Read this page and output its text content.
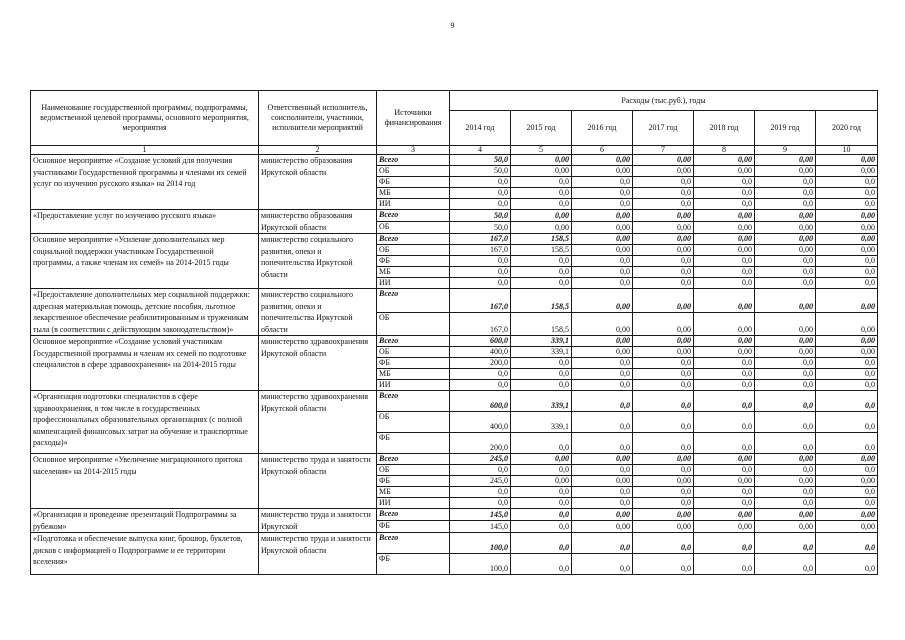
9
Наименование государственной программы, подпрограммы, ведомственной целевой программы, основного мероприятия, мероприятия	Ответственный исполнитель, соисполнители, участники, исполнители мероприятий	Источники финансирования	Расходы (тыс.руб.), годы						
			2014 год	2015 год	2016 год	2017 год	2018 год	2019 год	2020 год
1	2	3	4	5	6	7	8	9	10
Основное мероприятие «Создание условий для получения участниками Государственной программы и членами их семей услуг по изучению русского языка» на 2014 год	министерство образования Иркутской области	Всего	50,0	0,00	0,00	0,00	0,00	0,00	0,00
		ОБ	50,0	0,00	0,00	0,00	0,00	0,00	0,00
		ФБ	0,0	0,0	0,0	0,0	0,0	0,0	0,0
		МБ	0,0	0,0	0,0	0,0	0,0	0,0	0,0
		ИИ	0,0	0,0	0,0	0,0	0,0	0,0	0,0
«Предоставление услуг по изучению русского языка»	министерство образования Иркутской области	Всего	50,0	0,00	0,00	0,00	0,00	0,00	0,00
		ОБ	50,0	0,00	0,00	0,00	0,00	0,00	0,00
Основное мероприятие «Усиление дополнительных мер социальной поддержки участникам Государственной программы, а также членам их семей» на 2014-2015 годы	министерство социального развития, опеки и попечительства Иркутской области	Всего	167,0	158,5	0,00	0,00	0,00	0,00	0,00
		ОБ	167,0	158,5	0,00	0,00	0,00	0,00	0,00
		ФБ	0,0	0,0	0,0	0,0	0,0	0,0	0,0
		МБ	0,0	0,0	0,0	0,0	0,0	0,0	0,0
		ИИ	0,0	0,0	0,0	0,0	0,0	0,0	0,0
«Предоставление дополнительных мер социальной поддержки: адресная материальная помощь, детские пособия, льготное лекарственное обеспечение реабилитированным и труженикам тыла (в соответствии с действующим законодательством)»	министерство социального развития, опеки и попечительства Иркутской области	Всего	167,0	158,5	0,00	0,00	0,00	0,00	0,00
		ОБ	167,0	158,5	0,00	0,00	0,00	0,00	0,00
Основное мероприятие «Создание условий участникам Государственной программы и членам их семей по подготовке специалистов в сфере здравоохранения» на 2014-2015 годы	министерство здравоохранения Иркутской области	Всего	600,0	339,1	0,00	0,00	0,00	0,00	0,00
		ОБ	400,0	339,1	0,00	0,00	0,00	0,00	0,00
		ФБ	200,0	0,0	0,0	0,0	0,0	0,0	0,0
		МБ	0,0	0,0	0,0	0,0	0,0	0,0	0,0
		ИИ	0,0	0,0	0,0	0,0	0,0	0,0	0,0
«Организация подготовки специалистов в сфере здравоохранения, в том числе в государственных профессиональных образовательных организациях (с полной компенсацией финансовых затрат на обучение и транспортные расходы)»	министерство здравоохранения Иркутской области	Всего	600,0	339,1	0,0	0,0	0,0	0,0	0,0
		ОБ	400,0	339,1	0,0	0,0	0,0	0,0	0,0
		ФБ	200,0	0,0	0,0	0,0	0,0	0,0	0,0
Основное мероприятие «Увеличение миграционного притока населения» на 2014-2015 годы	министерство труда и занятости Иркутской области	Всего	245,0	0,00	0,00	0,00	0,00	0,00	0,00
		ОБ	0,0	0,0	0,0	0,0	0,0	0,0	0,0
		ФБ	245,0	0,00	0,00	0,00	0,00	0,00	0,00
		МБ	0,0	0,0	0,0	0,0	0,0	0,0	0,0
		ИИ	0,0	0,0	0,0	0,0	0,0	0,0	0,0
«Организация и проведение презентаций Подпрограммы за рубежом»	министерство труда и занятости Иркутской	Всего	145,0	0,0	0,00	0,00	0,00	0,00	0,00
		ФБ	145,0	0,0	0,00	0,00	0,00	0,00	0,00
«Подготовка и обеспечение выпуска книг, брошюр, буклетов, дисков с информацией о Подпрограмме и ее территории вселения»	министерство труда и занятости Иркутской области	Всего	100,0	0,0	0,0	0,0	0,0	0,0	0,0
		ФБ	100,0	0,0	0,0	0,0	0,0	0,0	0,0
